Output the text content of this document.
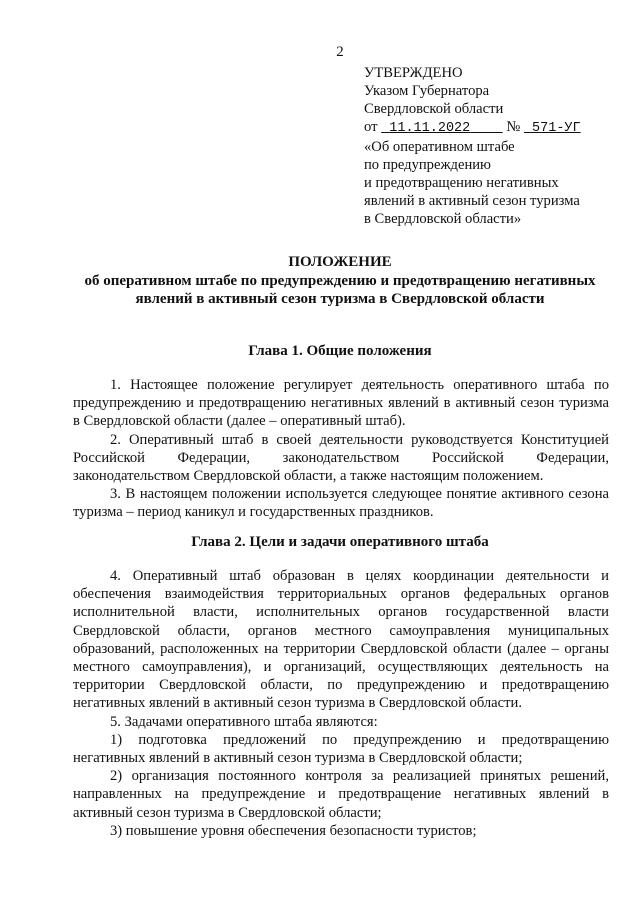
2
УТВЕРЖДЕНО
Указом Губернатора
Свердловской области
от 11.11.2022 № 571-УГ
«Об оперативном штабе
по предупреждению
и предотвращению негативных
явлений в активный сезон туризма
в Свердловской области»
ПОЛОЖЕНИЕ
об оперативном штабе по предупреждению и предотвращению негативных
явлений в активный сезон туризма в Свердловской области
Глава 1. Общие положения

1. Настоящее положение регулирует деятельность оперативного штаба по предупреждению и предотвращению негативных явлений в активный сезон туризма в Свердловской области (далее – оперативный штаб).

2. Оперативный штаб в своей деятельности руководствуется Конституцией Российской Федерации, законодательством Российской Федерации, законодательством Свердловской области, а также настоящим положением.

3. В настоящем положении используется следующее понятие активного сезона туризма – период каникул и государственных праздников.

Глава 2. Цели и задачи оперативного штаба

4. Оперативный штаб образован в целях координации деятельности и обеспечения взаимодействия территориальных органов федеральных органов исполнительной власти, исполнительных органов государственной власти Свердловской области, органов местного самоуправления муниципальных образований, расположенных на территории Свердловской области (далее – органы местного самоуправления), и организаций, осуществляющих деятельность на территории Свердловской области, по предупреждению и предотвращению негативных явлений в активный сезон туризма в Свердловской области.

5. Задачами оперативного штаба являются:

1) подготовка предложений по предупреждению и предотвращению негативных явлений в активный сезон туризма в Свердловской области;

2) организация постоянного контроля за реализацией принятых решений, направленных на предупреждение и предотвращение негативных явлений в активный сезон туризма в Свердловской области;

3) повышение уровня обеспечения безопасности туристов;
